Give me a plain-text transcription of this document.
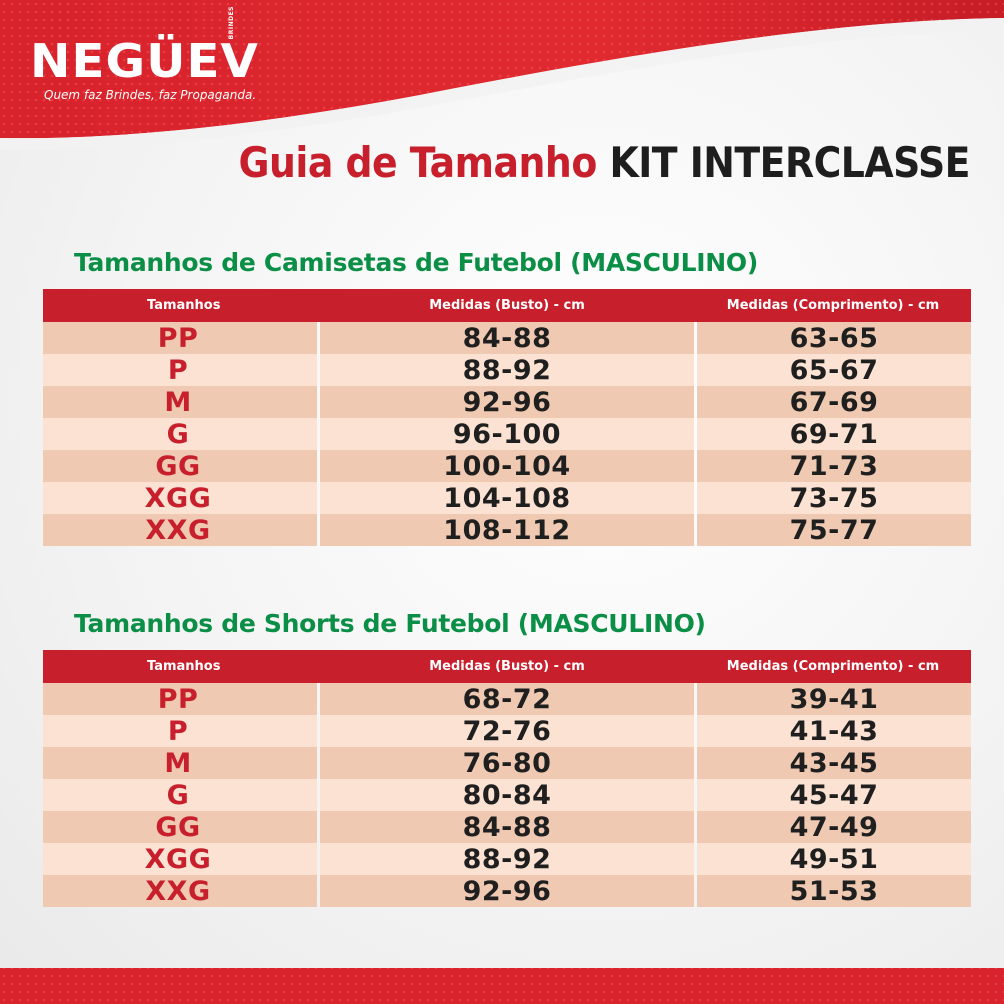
NEGÜEV
BRINDES
Quem faz Brindes, faz Propaganda.
Guia de Tamanho KIT INTERCLASSE
Tamanhos de Camisetas de Futebol (MASCULINO)
Tamanhos	Medidas (Busto) - cm	Medidas (Comprimento) - cm
PP	84-88	63-65
P	88-92	65-67
M	92-96	67-69
G	96-100	69-71
GG	100-104	71-73
XGG	104-108	73-75
XXG	108-112	75-77
Tamanhos de Shorts de Futebol (MASCULINO)
Tamanhos	Medidas (Busto) - cm	Medidas (Comprimento) - cm
PP	68-72	39-41
P	72-76	41-43
M	76-80	43-45
G	80-84	45-47
GG	84-88	47-49
XGG	88-92	49-51
XXG	92-96	51-53
